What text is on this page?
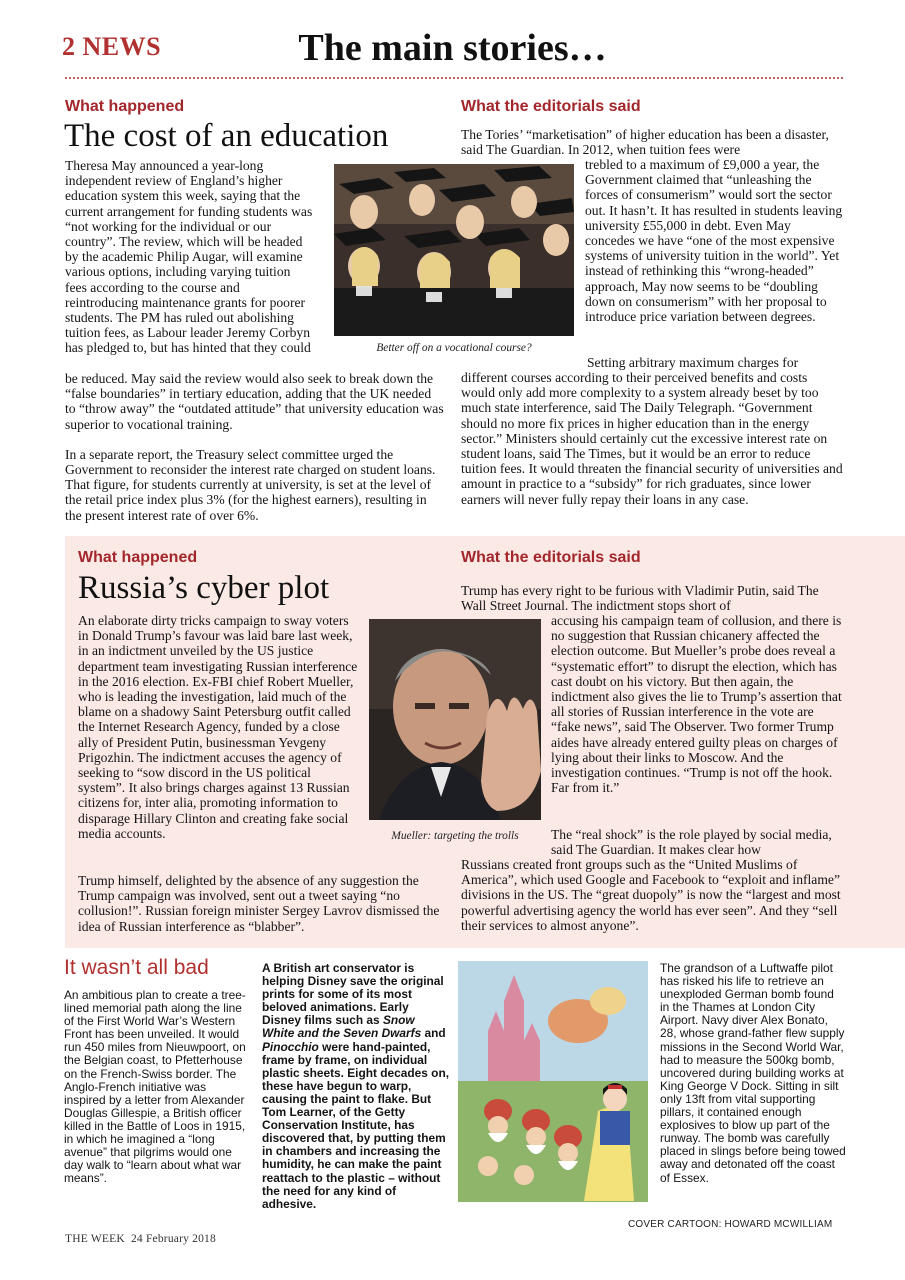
The main stories…
2 NEWS
What happened
The cost of an education
Theresa May announced a year-long independent review of England’s higher education system this week, saying that the current arrangement for funding students was “not working for the individual or our country”. The review, which will be headed by the academic Philip Augar, will examine various options, including varying tuition fees according to the course and reintroducing maintenance grants for poorer students. The PM has ruled out abolishing tuition fees, as Labour leader Jeremy Corbyn has pledged to, but has hinted that they could

be reduced. May said the review would also seek to break down the “false boundaries” in tertiary education, adding that the UK needed to “throw away” the “outdated attitude” that university education was superior to vocational training.

In a separate report, the Treasury select committee urged the Government to reconsider the interest rate charged on student loans. That figure, for students currently at university, is set at the level of the retail price index plus 3% (for the highest earners), resulting in the present interest rate of over 6%.

Better off on a vocational course?
What the editorials said
The Tories’ “marketisation” of higher education has been a disaster, said The Guardian. In 2012, when tuition fees were
trebled to a maximum of £9,000 a year, the Government claimed that “unleashing the forces of consumerism” would sort the sector out. It hasn’t. It has resulted in students leaving university £55,000 in debt. Even May concedes we have “one of the most expensive systems of university tuition in the world”. Yet instead of rethinking this “wrong-headed” approach, May now seems to be “doubling down on consumerism” with her proposal to introduce price variation between degrees.
Setting arbitrary maximum charges for
different courses according to their perceived benefits and costs would only add more complexity to a system already beset by too much state interference, said The Daily Telegraph. “Government should no more fix prices in higher education than in the energy sector.” Ministers should certainly cut the excessive interest rate on student loans, said The Times, but it would be an error to reduce tuition fees. It would threaten the financial security of universities and amount in practice to a “subsidy” for rich graduates, since lower earners will never fully repay their loans in any case.
What happened
Russia’s cyber plot
An elaborate dirty tricks campaign to sway voters in Donald Trump’s favour was laid bare last week, in an indictment unveiled by the US justice department team investigating Russian interference in the 2016 election. Ex-FBI chief Robert Mueller, who is leading the investigation, laid much of the blame on a shadowy Saint Petersburg outfit called the Internet Research Agency, funded by a close ally of President Putin, businessman Yevgeny Prigozhin. The indictment accuses the agency of seeking to “sow discord in the US political system”. It also brings charges against 13 Russian citizens for, inter alia, promoting information to disparage Hillary Clinton and creating fake social media accounts.
Trump himself, delighted by the absence of any suggestion the Trump campaign was involved, sent out a tweet saying “no collusion!”. Russian foreign minister Sergey Lavrov dismissed the idea of Russian interference as “blabber”.
Mueller: targeting the trolls
What the editorials said
Trump has every right to be furious with Vladimir Putin, said The Wall Street Journal. The indictment stops short of
accusing his campaign team of collusion, and there is no suggestion that Russian chicanery affected the election outcome. But Mueller’s probe does reveal a “systematic effort” to disrupt the election, which has cast doubt on his victory. But then again, the indictment also gives the lie to Trump’s assertion that all stories of Russian interference in the vote are “fake news”, said The Observer. Two former Trump aides have already entered guilty pleas on charges of lying about their links to Moscow. And the investigation continues. “Trump is not off the hook. Far from it.”
The “real shock” is the role played by social media, said The Guardian. It makes clear how
Russians created front groups such as the “United Muslims of America”, which used Google and Facebook to “exploit and inflame” divisions in the US. The “great duopoly” is now the “largest and most powerful advertising agency the world has ever seen”. And they “sell their services to almost anyone”.
It wasn’t all bad
An ambitious plan to create a tree-lined memorial path along the line of the First World War’s Western Front has been unveiled. It would run 450 miles from Nieuwpoort, on the Belgian coast, to Pfetterhouse on the French-Swiss border. The Anglo-French initiative was inspired by a letter from Alexander Douglas Gillespie, a British officer killed in the Battle of Loos in 1915, in which he imagined a “long avenue” that pilgrims would one day walk to “learn about what war means”.
A British art conservator is helping Disney save the original prints for some of its most beloved animations. Early Disney films such as Snow White and the Seven Dwarfs and Pinocchio were hand-painted, frame by frame, on individual plastic sheets. Eight decades on, these have begun to warp, causing the paint to flake. But Tom Learner, of the Getty Conservation Institute, has discovered that, by putting them in chambers and increasing the humidity, he can make the paint reattach to the plastic – without the need for any kind of adhesive.
The grandson of a Luftwaffe pilot has risked his life to retrieve an unexploded German bomb found in the Thames at London City Airport. Navy diver Alex Bonato, 28, whose grand-father flew supply missions in the Second World War, had to measure the 500kg bomb, uncovered during building works at King George V Dock. Sitting in silt only 13ft from vital supporting pillars, it contained enough explosives to blow up part of the runway. The bomb was carefully placed in slings before being towed away and detonated off the coast of Essex.
COVER CARTOON: HOWARD MCWILLIAM
THE WEEK  24 February 2018
